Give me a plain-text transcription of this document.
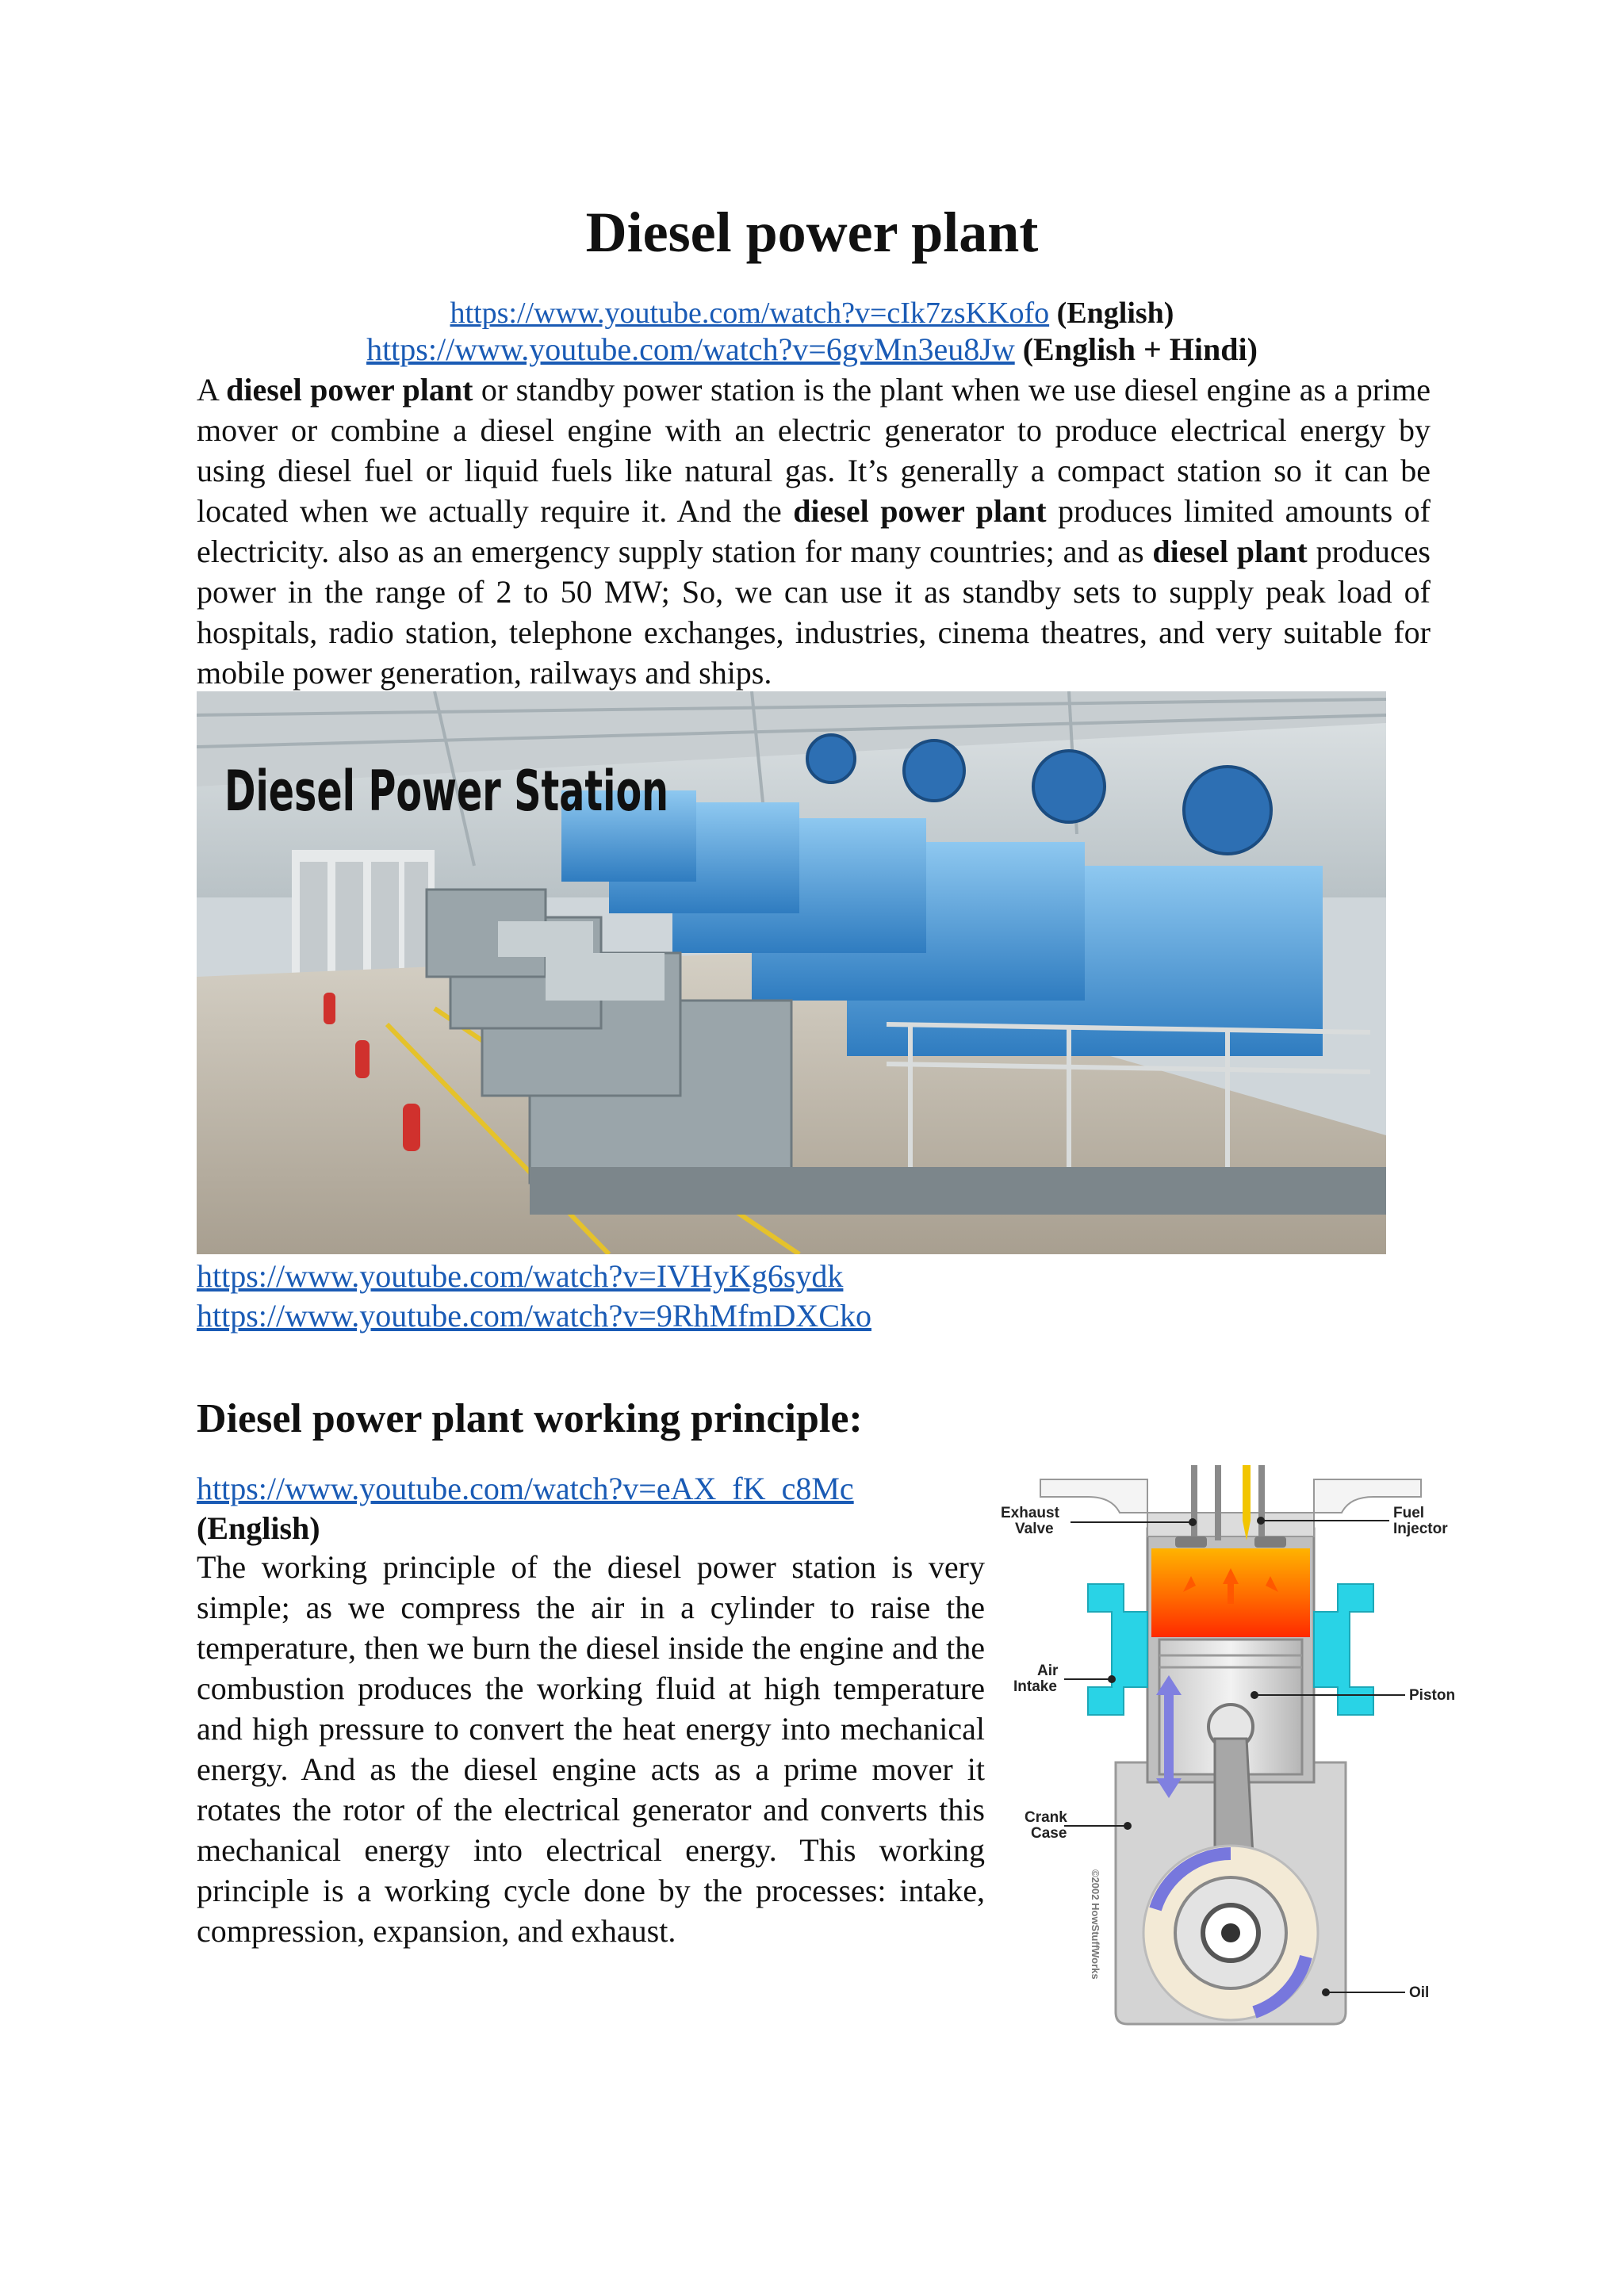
Diesel power plant
https://www.youtube.com/watch?v=cIk7zsKKofo (English)
https://www.youtube.com/watch?v=6gvMn3eu8Jw (English + Hindi)

A diesel power plant or standby power station is the plant when we use diesel engine as a prime mover or combine a diesel engine with an electric generator to produce electrical energy by using diesel fuel or liquid fuels like natural gas. It’s generally a compact station so it can be located when we actually require it. And the diesel power plant produces limited amounts of electricity. also as an emergency supply station for many countries; and as diesel plant produces power in the range of 2 to 50 MW; So, we can use it as standby sets to supply peak load of hospitals, radio station, telephone exchanges, industries, cinema theatres, and very suitable for mobile power generation, railways and ships.

Diesel Power Station
https://www.youtube.com/watch?v=IVHyKg6sydk
https://www.youtube.com/watch?v=9RhMfmDXCko
Diesel power plant working principle:
https://www.youtube.com/watch?v=eAX_fK_c8Mc
(English)

The working principle of the diesel power station is very simple; as we compress the air in a cylinder to raise the temperature, then we burn the diesel inside the engine and the combustion produces the working fluid at high temperature and high pressure to convert the heat energy into mechanical energy. And as the diesel engine acts as a prime mover it rotates the rotor of the electrical generator and converts this mechanical energy into electrical energy. This working principle is a working cycle done by the processes: intake, compression, expansion, and exhaust.

Exhaust
Valve
Fuel
Injector
Air
Intake
Piston
Crank
Case
Oil
©2002 HowStuffWorks
